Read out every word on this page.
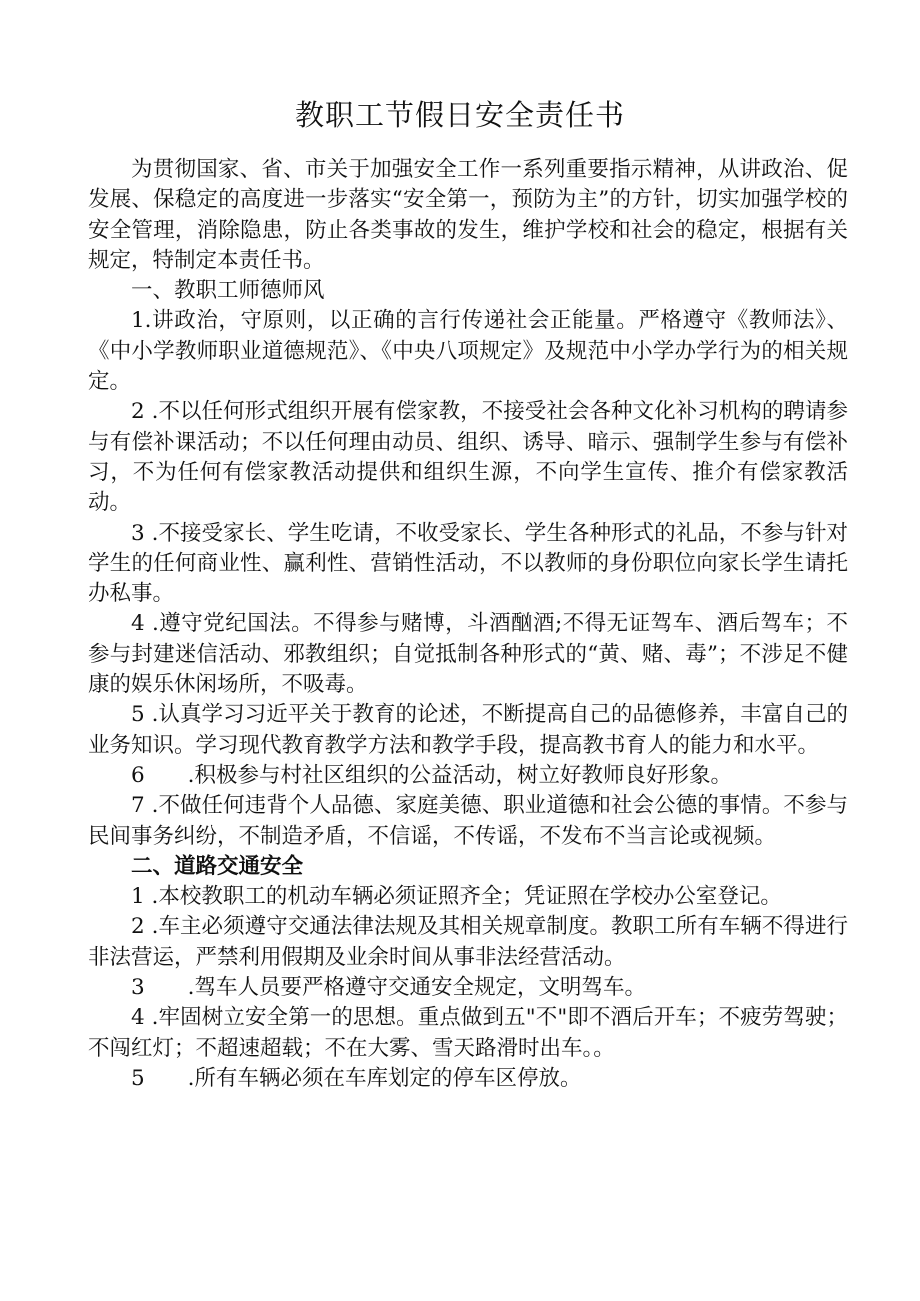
教职工节假日安全责任书

为贯彻国家、省、市关于加强安全工作一系列重要指示精神，从讲政治、促发展、保稳定的高度进一步落实“安全第一，预防为主”的方针，切实加强学校的安全管理，消除隐患，防止各类事故的发生，维护学校和社会的稳定，根据有关规定，特制定本责任书。

一、教职工师德师风

1.讲政治，守原则，以正确的言行传递社会正能量。严格遵守《教师法》、《中小学教师职业道德规范》、《中央八项规定》及规范中小学办学行为的相关规定。

2 .不以任何形式组织开展有偿家教，不接受社会各种文化补习机构的聘请参与有偿补课活动；不以任何理由动员、组织、诱导、暗示、强制学生参与有偿补习，不为任何有偿家教活动提供和组织生源，不向学生宣传、推介有偿家教活动。

3 .不接受家长、学生吃请，不收受家长、学生各种形式的礼品，不参与针对学生的任何商业性、赢利性、营销性活动，不以教师的身份职位向家长学生请托办私事。

4 .遵守党纪国法。不得参与赌博，斗酒酗酒;不得无证驾车、酒后驾车；不参与封建迷信活动、邪教组织；自觉抵制各种形式的“黄、赌、毒”；不涉足不健康的娱乐休闲场所，不吸毒。

5 .认真学习习近平关于教育的论述，不断提高自己的品德修养，丰富自己的业务知识。学习现代教育教学方法和教学手段，提高教书育人的能力和水平。

6　　.积极参与村社区组织的公益活动，树立好教师良好形象。

7 .不做任何违背个人品德、家庭美德、职业道德和社会公德的事情。不参与民间事务纠纷，不制造矛盾，不信谣，不传谣，不发布不当言论或视频。

二、道路交通安全

1 .本校教职工的机动车辆必须证照齐全；凭证照在学校办公室登记。

2 .车主必须遵守交通法律法规及其相关规章制度。教职工所有车辆不得进行非法营运，严禁利用假期及业余时间从事非法经营活动。

3　　.驾车人员要严格遵守交通安全规定，文明驾车。

4 .牢固树立安全第一的思想。重点做到五"不"即不酒后开车；不疲劳驾驶；不闯红灯；不超速超载；不在大雾、雪天路滑时出车。。

5　　.所有车辆必须在车库划定的停车区停放。
